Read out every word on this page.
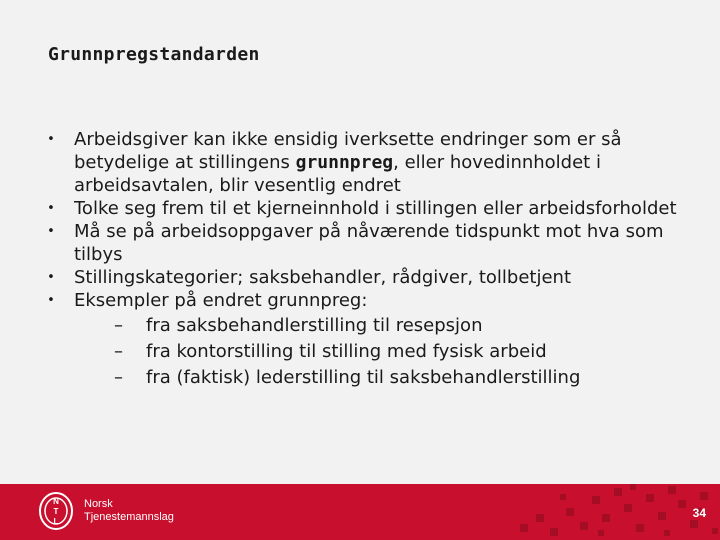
Grunnpregstandarden
• Arbeidsgiver kan ikke ensidig iverksette endringer som er så betydelige at stillingens grunnpreg, eller hovedinnholdet i arbeidsavtalen, blir vesentlig endret
• Tolke seg frem til et kjerneinnhold i stillingen eller arbeidsforholdet
• Må se på arbeidsoppgaver på nåværende tidspunkt mot hva som tilbys
• Stillingskategorier; saksbehandler, rådgiver, tollbetjent
• Eksempler på endret grunnpreg:
– fra saksbehandlerstilling til resepsjon
– fra kontorstilling til stilling med fysisk arbeid
– fra (faktisk) lederstilling til saksbehandlerstilling
N
T
L
Norsk
Tjenestemannslag	34
